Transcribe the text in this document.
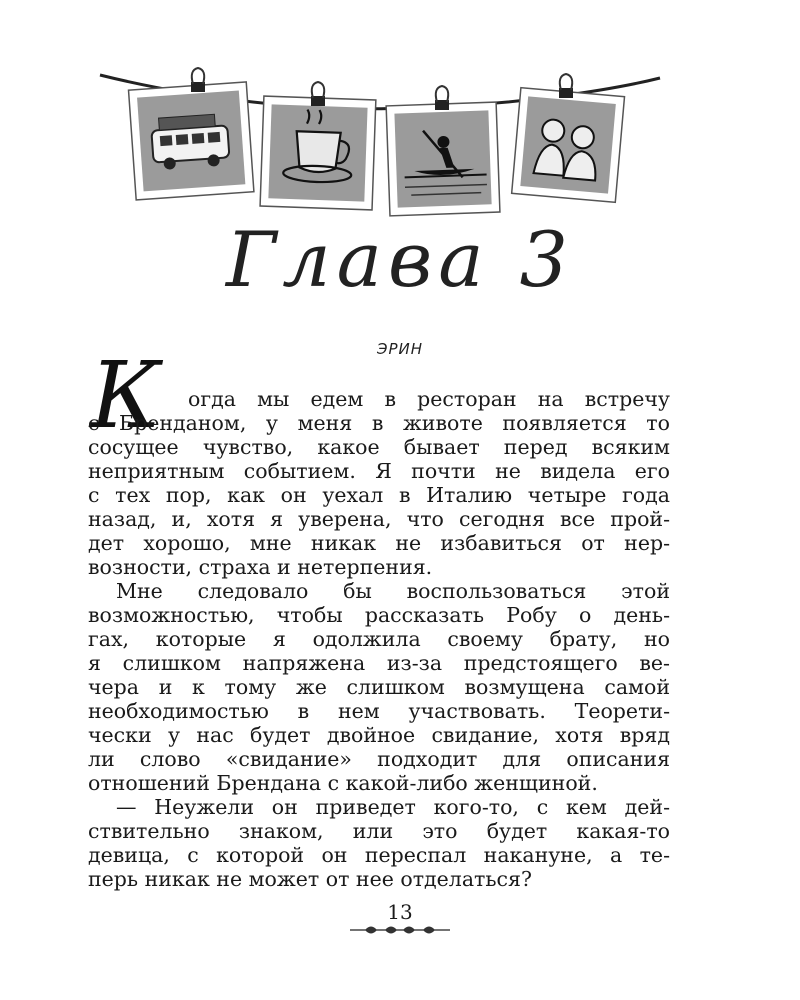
Глава 3
ЭРИН
К	огда мы едем в ресторан на встречу
с Бренданом, у меня в животе появляется то
сосущее чувство, какое бывает перед всяким
неприятным событием. Я почти не видела его
с тех пор, как он уехал в Италию четыре года
назад, и, хотя я уверена, что сегодня все прой-
дет хорошо, мне никак не избавиться от нер-
возности, страха и нетерпения.
Мне следовало бы воспользоваться этой
возможностью, чтобы рассказать Робу о день-
гах, которые я одолжила своему брату, но
я слишком напряжена из-за предстоящего ве-
чера и к тому же слишком возмущена самой
необходимостью в нем участвовать. Теорети-
чески у нас будет двойное свидание, хотя вряд
ли слово «свидание» подходит для описания
отношений Брендана с какой-либо женщиной.
— Неужели он приведет кого-то, с кем дей-
ствительно знаком, или это будет какая-то
девица, с которой он переспал накануне, а те-
перь никак не может от нее отделаться?
13
